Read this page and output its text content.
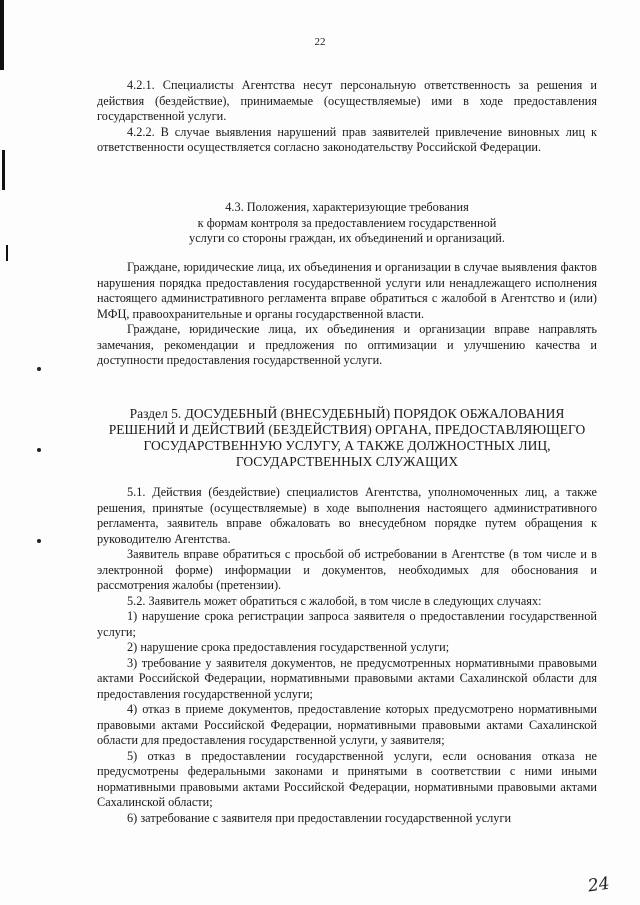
22

4.2.1. Специалисты Агентства несут персональную ответственность за решения и действия (бездействие), принимаемые (осуществляемые) ими в ходе предоставления государственной услуги.

4.2.2. В случае выявления нарушений прав заявителей привлечение виновных лиц к ответственности осуществляется согласно законодательству Российской Федерации.

4.3. Положения, характеризующие требования

к формам контроля за предоставлением государственной

услуги со стороны граждан, их объединений и организаций.

Граждане, юридические лица, их объединения и организации в случае выявления фактов нарушения порядка предоставления государственной услуги или ненадлежащего исполнения настоящего административного регламента вправе обратиться с жалобой в Агентство и (или) МФЦ, правоохранительные и органы государственной власти.

Граждане, юридические лица, их объединения и организации вправе направлять замечания, рекомендации и предложения по оптимизации и улучшению качества и доступности предоставления государственной услуги.

Раздел 5. ДОСУДЕБНЫЙ (ВНЕСУДЕБНЫЙ) ПОРЯДОК ОБЖАЛОВАНИЯ
РЕШЕНИЙ И ДЕЙСТВИЙ (БЕЗДЕЙСТВИЯ) ОРГАНА, ПРЕДОСТАВЛЯЮЩЕГО
ГОСУДАРСТВЕННУЮ УСЛУГУ, А ТАКЖЕ ДОЛЖНОСТНЫХ ЛИЦ,
ГОСУДАРСТВЕННЫХ СЛУЖАЩИХ

5.1. Действия (бездействие) специалистов Агентства, уполномоченных лиц, а также решения, принятые (осуществляемые) в ходе выполнения настоящего административного регламента, заявитель вправе обжаловать во внесудебном порядке путем обращения к руководителю Агентства.

Заявитель вправе обратиться с просьбой об истребовании в Агентстве (в том числе и в электронной форме) информации и документов, необходимых для обоснования и рассмотрения жалобы (претензии).

5.2. Заявитель может обратиться с жалобой, в том числе в следующих случаях:

1) нарушение срока регистрации запроса заявителя о предоставлении государственной услуги;

2) нарушение срока предоставления государственной услуги;

3) требование у заявителя документов, не предусмотренных нормативными правовыми актами Российской Федерации, нормативными правовыми актами Сахалинской области для предоставления государственной услуги;

4) отказ в приеме документов, предоставление которых предусмотрено нормативными правовыми актами Российской Федерации, нормативными правовыми актами Сахалинской области для предоставления государственной услуги, у заявителя;

5) отказ в предоставлении государственной услуги, если основания отказа не предусмотрены федеральными законами и принятыми в соответствии с ними иными нормативными правовыми актами Российской Федерации, нормативными правовыми актами Сахалинской области;

6) затребование с заявителя при предоставлении государственной услуги

24
